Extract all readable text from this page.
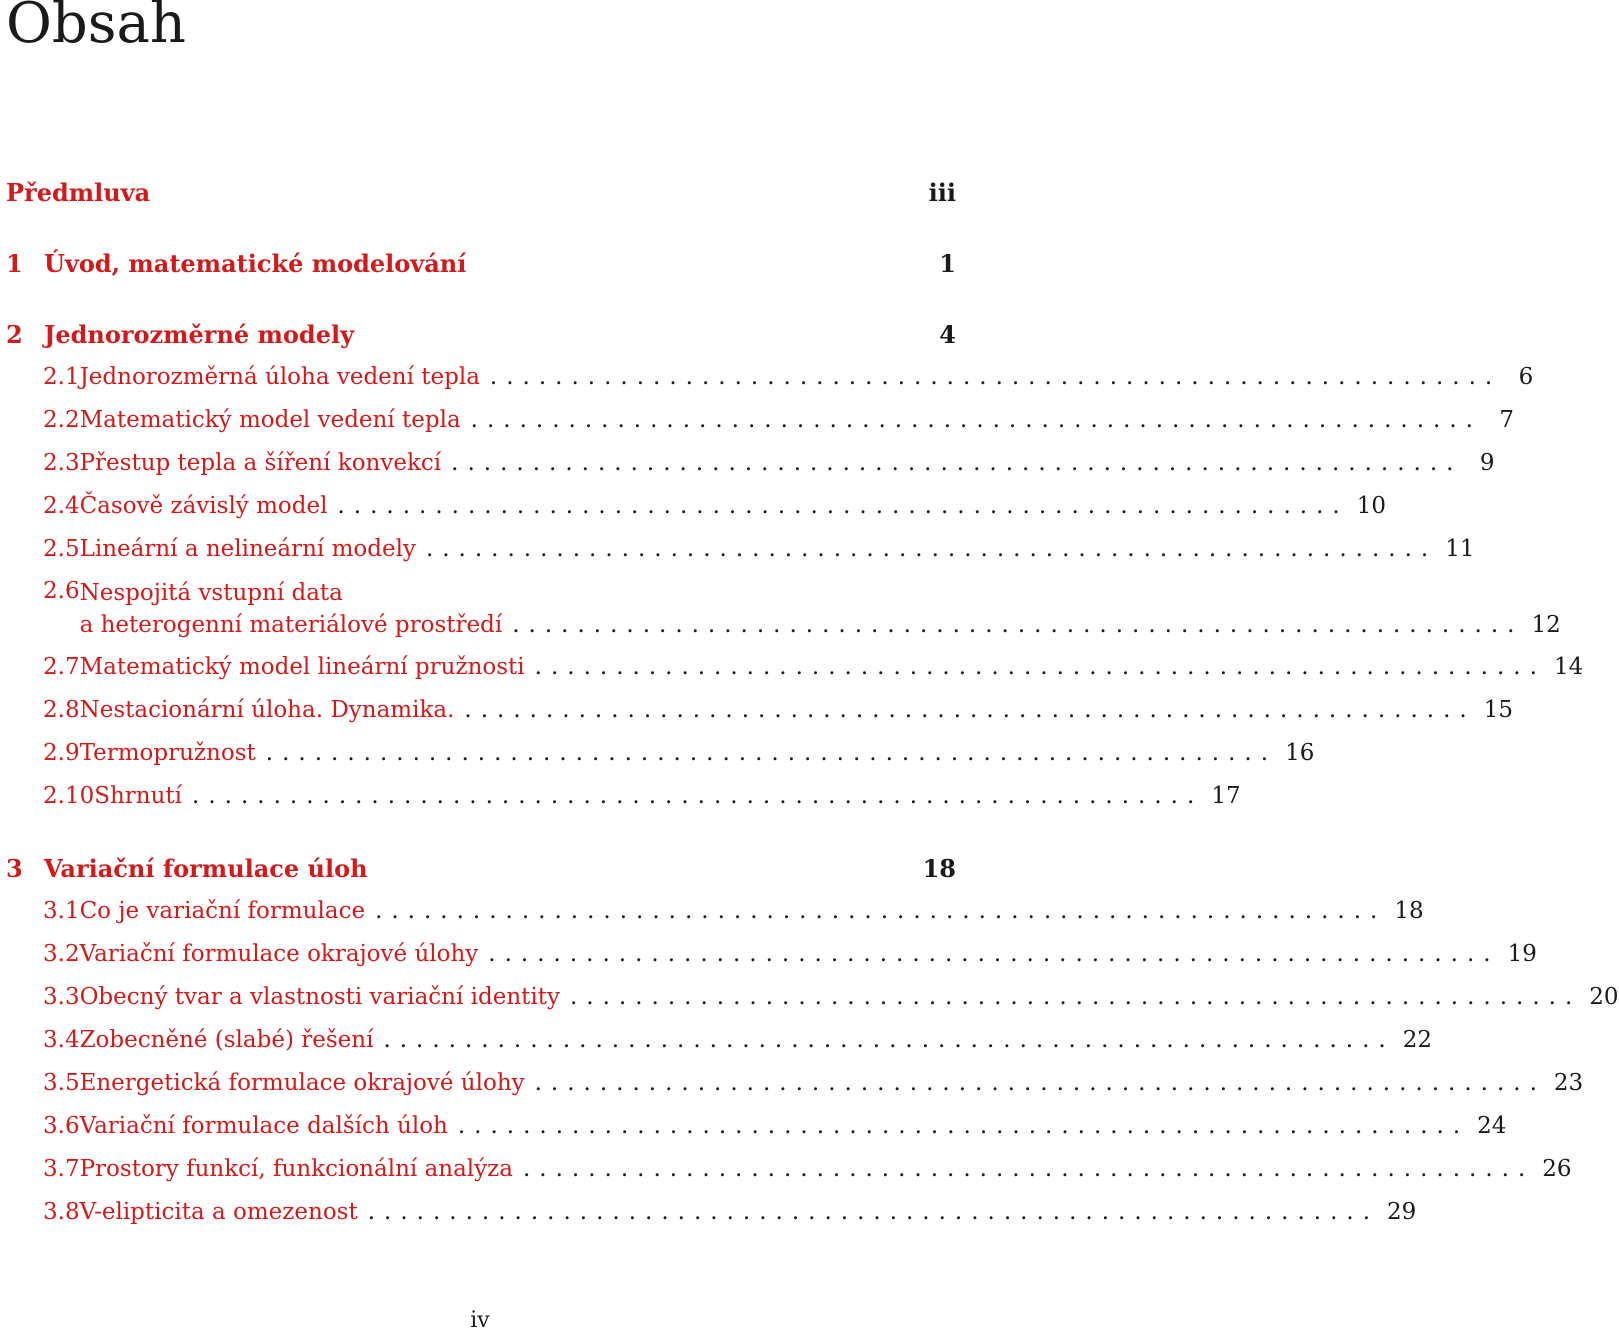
Obsah
Předmluva	iii
1 Úvod, matematické modelování	1
2 Jednorozměrné modely	4
2.1 Jednorozměrná úloha vedení tepla .............................................................. 6
2.2 Matematický model vedení tepla .............................................................. 7
2.3 Přestup tepla a šíření konvekcí .............................................................. 9
2.4 Časově závislý model .............................................................. 10
2.5 Lineární a nelineární modely .............................................................. 11
2.6 Nespojitá vstupní data
a heterogenní materiálové prostředí .............................................................. 12
2.7 Matematický model lineární pružnosti .............................................................. 14
2.8 Nestacionární úloha. Dynamika. .............................................................. 15
2.9 Termopružnost .............................................................. 16
2.10 Shrnutí .............................................................. 17
3 Variační formulace úloh	18
3.1 Co je variační formulace .............................................................. 18
3.2 Variační formulace okrajové úlohy .............................................................. 19
3.3 Obecný tvar a vlastnosti variační identity .............................................................. 20
3.4 Zobecněné (slabé) řešení .............................................................. 22
3.5 Energetická formulace okrajové úlohy .............................................................. 23
3.6 Variační formulace dalších úloh .............................................................. 24
3.7 Prostory funkcí, funkcionální analýza .............................................................. 26
3.8 V-elipticita a omezenost .............................................................. 29
iv
